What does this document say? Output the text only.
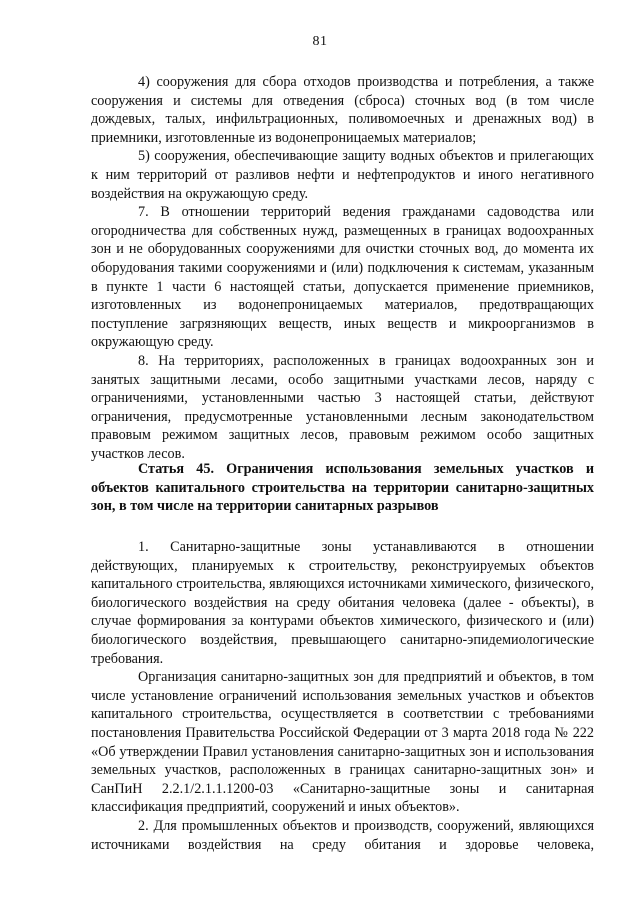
81

4) сооружения для сбора отходов производства и потребления, а также сооружения и системы для отведения (сброса) сточных вод (в том числе дождевых, талых, инфильтрационных, поливомоечных и дренажных вод) в приемники, изготовленные из водонепроницаемых материалов;

5) сооружения, обеспечивающие защиту водных объектов и прилегающих к ним территорий от разливов нефти и нефтепродуктов и иного негативного воздействия на окружающую среду.

7. В отношении территорий ведения гражданами садоводства или огородничества для собственных нужд, размещенных в границах водоохранных зон и не оборудованных сооружениями для очистки сточных вод, до момента их оборудования такими сооружениями и (или) подключения к системам, указанным в пункте 1 части 6 настоящей статьи, допускается применение приемников, изготовленных из водонепроницаемых материалов, предотвращающих поступление загрязняющих веществ, иных веществ и микроорганизмов в окружающую среду.

8. На территориях, расположенных в границах водоохранных зон и занятых защитными лесами, особо защитными участками лесов, наряду с ограничениями, установленными частью 3 настоящей статьи, действуют ограничения, предусмотренные установленными лесным законодательством правовым режимом защитных лесов, правовым режимом особо защитных участков лесов.

Статья 45. Ограничения использования земельных участков и объектов капитального строительства на территории санитарно-защитных зон, в том числе на территории санитарных разрывов

1. Санитарно-защитные зоны устанавливаются в отношении действующих, планируемых к строительству, реконструируемых объектов капитального строительства, являющихся источниками химического, физического, биологического воздействия на среду обитания человека (далее - объекты), в случае формирования за контурами объектов химического, физического и (или) биологического воздействия, превышающего санитарно-эпидемиологические требования.

Организация санитарно-защитных зон для предприятий и объектов, в том числе установление ограничений использования земельных участков и объектов капитального строительства, осуществляется в соответствии с требованиями постановления Правительства Российской Федерации от 3 марта 2018 года № 222 «Об утверждении Правил установления санитарно-защитных зон и использования земельных участков, расположенных в границах санитарно-защитных зон» и СанПиН 2.2.1/2.1.1.1200-03 «Санитарно-защитные зоны и санитарная классификация предприятий, сооружений и иных объектов».

2. Для промышленных объектов и производств, сооружений, являющихся источниками воздействия на среду обитания и здоровье человека,
